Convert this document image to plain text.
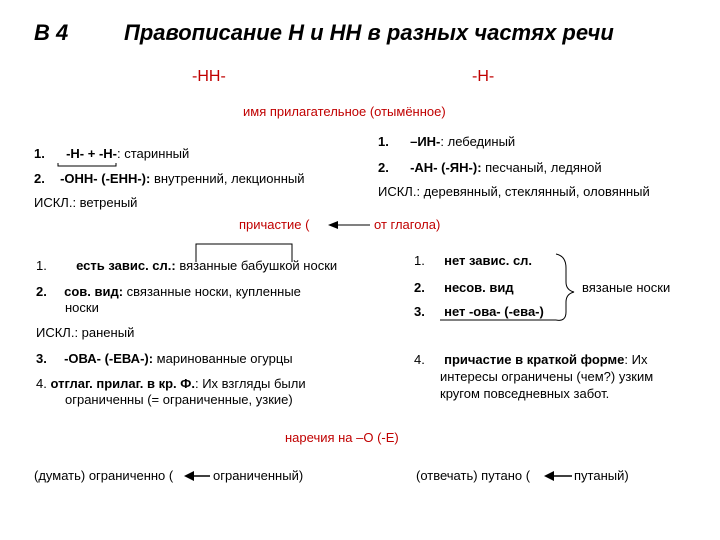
В 4	Правописание Н и НН в разных частях речи
-НН-	-Н-
имя прилагательное (отымённое)
1. -Н- + -Н-: старинный
2. -ОНН- (-ЕНН-): внутренний, лекционный
ИСКЛ.: ветреный
1. –ИН-: лебединый
2. -АН- (-ЯН-): песчаный, ледяной
ИСКЛ.: деревянный, стеклянный, оловянный
причастие (	от глагола)
1. есть завис. сл.: вязанные бабушкой носки
2. сов. вид: связанные носки, купленные
носки
ИСКЛ.: раненый
3. -ОВА- (-ЕВА-): маринованные огурцы
4. отглаг. прилаг. в кр. Ф.: Их взгляды были
ограниченны (= ограниченные, узкие)
1. нет завис. сл.
2. несов. вид
3. нет -ова- (-ева-)
вязаные носки
4. причастие в краткой форме: Их
интересы ограничены (чем?) узким
кругом повседневных забот.
наречия на –О (-Е)
(думать) ограниченно (	ограниченный)	(отвечать) путано (	путаный)
